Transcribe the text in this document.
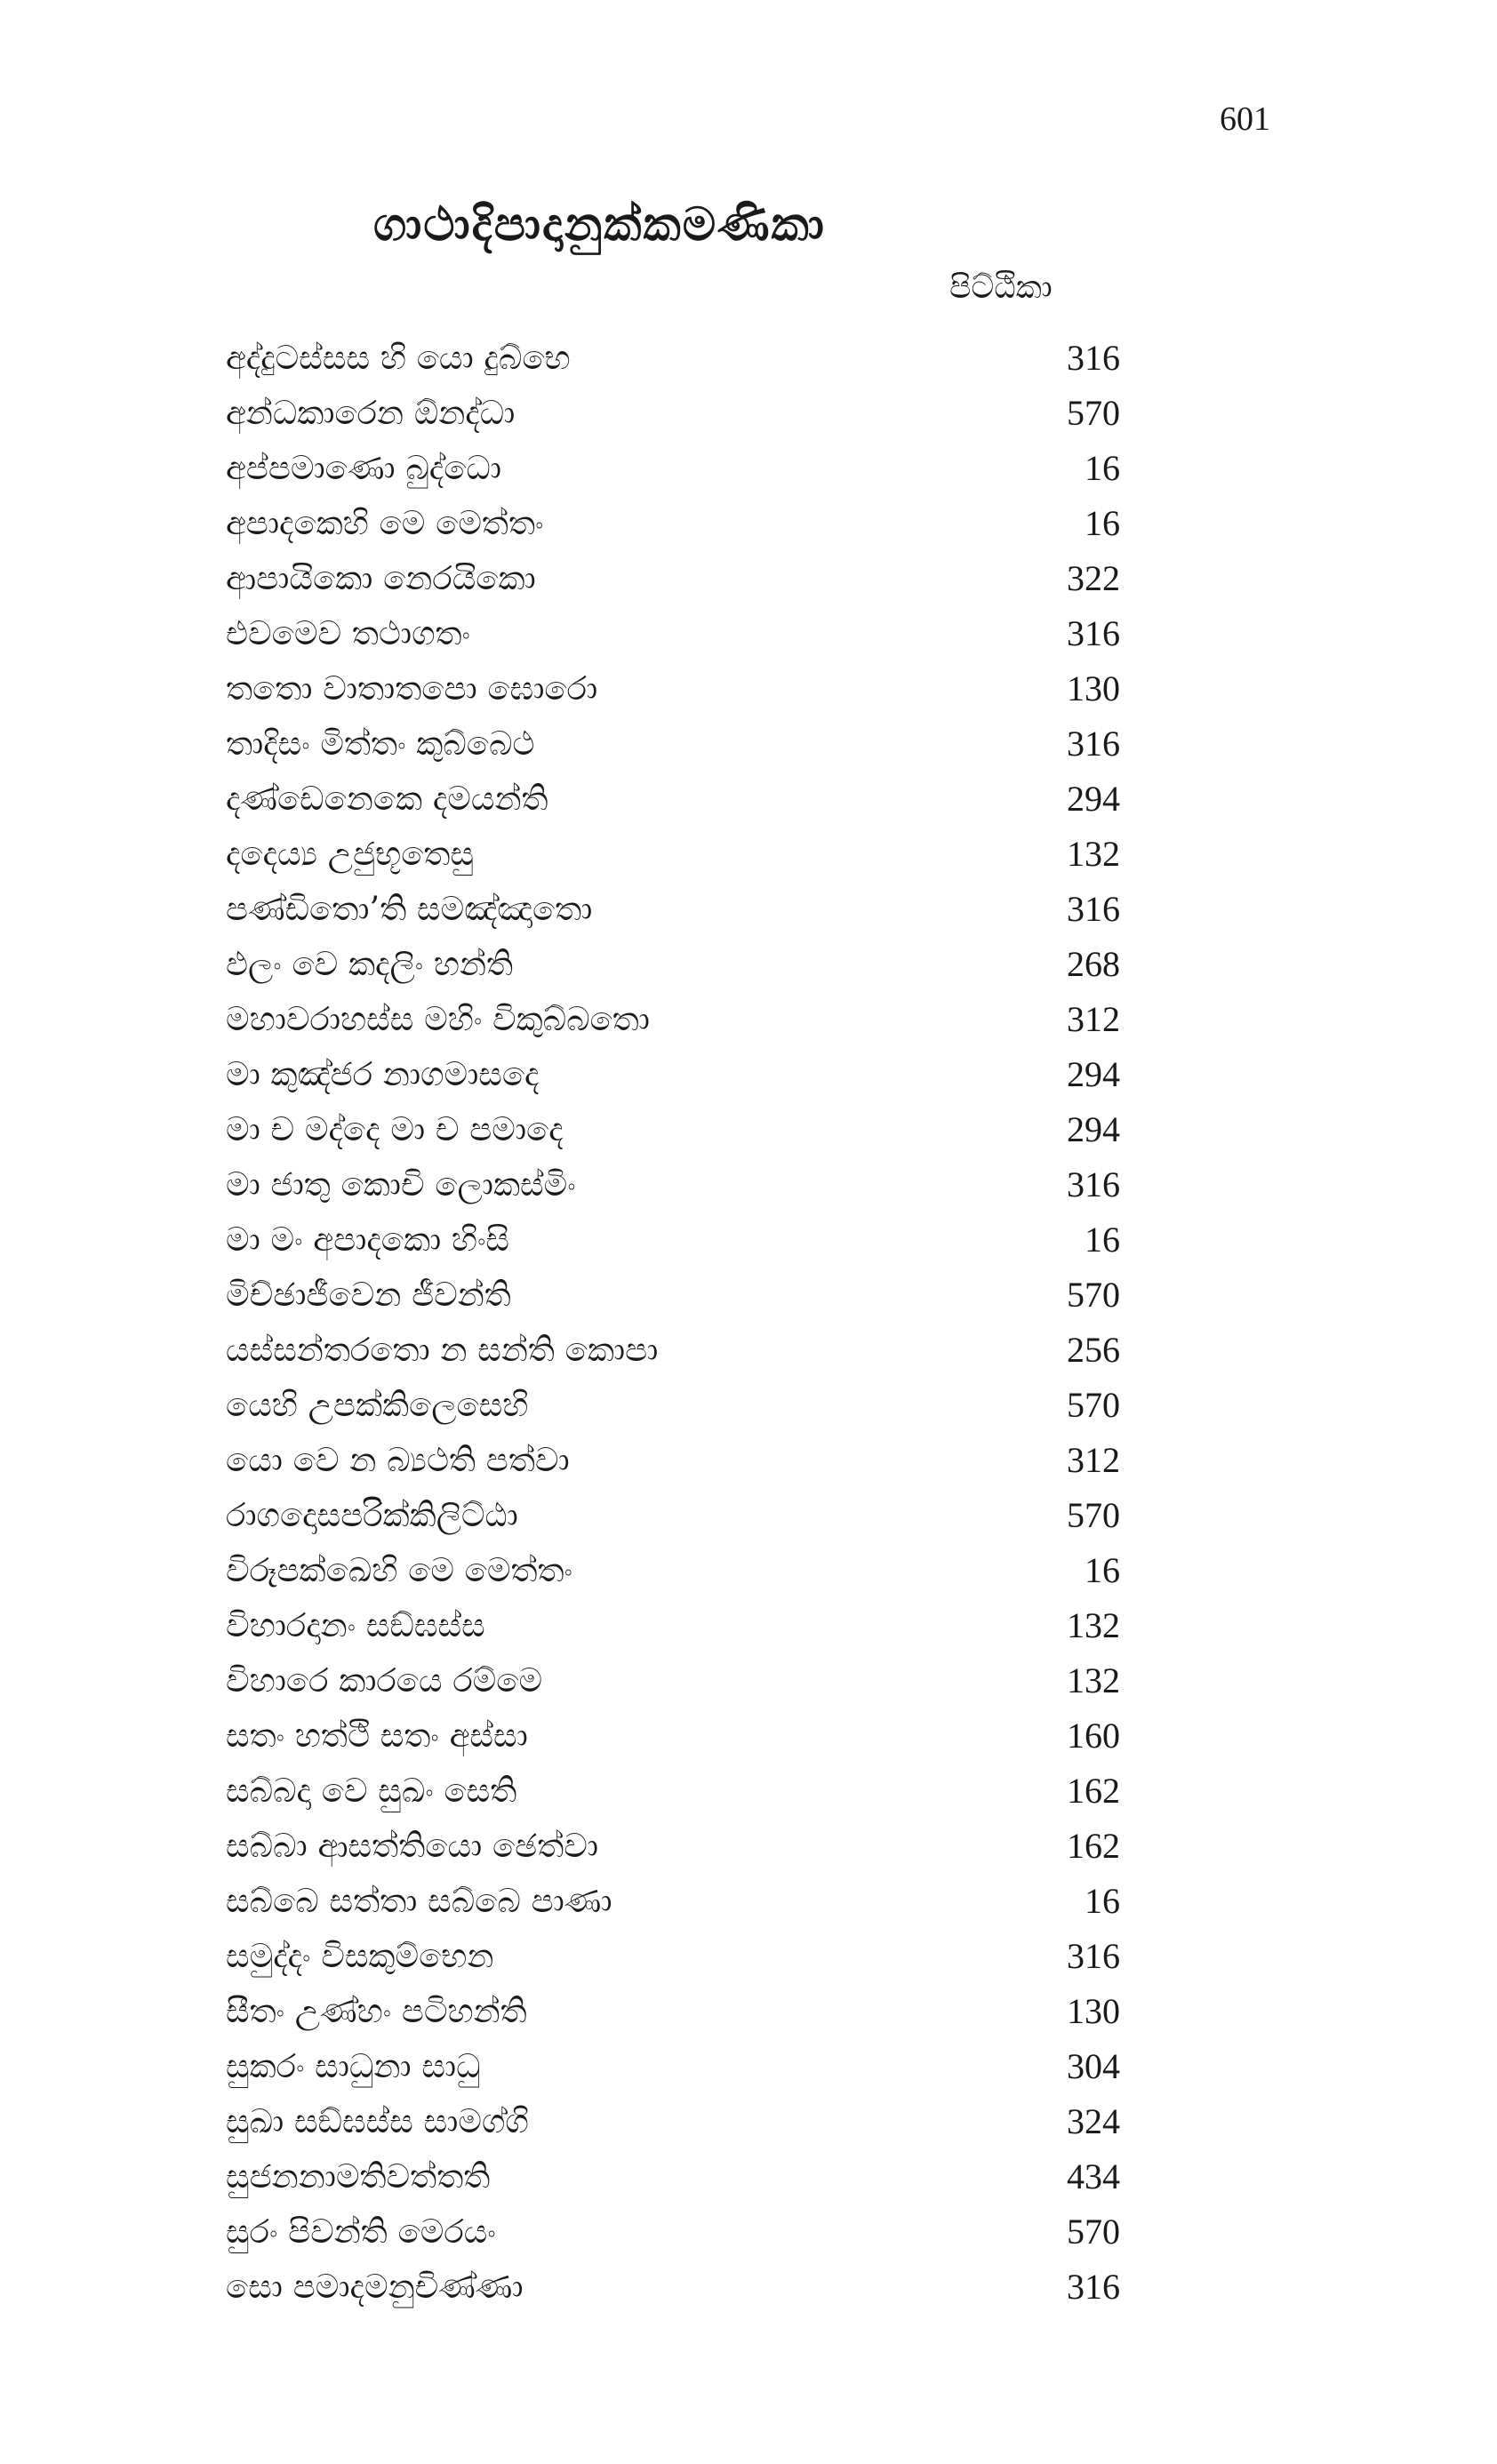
601
ගාථාදිපාදානුක්කමණිකා
පිට්ඨිකා
අද්දුටස්සස හි යො දුබ්භෙ	316
අන්ධකාරෙන ඕනද්ධා	570
අප්පමාණො බුද්ධො	16
අපාදකෙහි මෙ මෙත්තං	16
ආපායිකො නෙරයිකො	322
එවමෙව තථාගතං	316
තතො වාතාතපො ඝොරො	130
තාදිසං මිත්තං කුබ්බෙථ	316
දණ්ඩෙනෙකෙ දමයන්ති	294
දදෙය්‍ය උජුභූතෙසු	132
පණ්ඩිතො’ති සමඤ්ඤාතො	316
ඵලං වෙ කදලිං හන්ති	268
මහාවරාහස්ස මහිං විකුබ්බතො	312
මා කුඤ්ජර නාගමාසදෙ	294
මා ච මද්දෙ මා ච පමාදෙ	294
මා ජාතු කොචි ලොකස්මිං	316
මා මං අපාදකො හිංසි	16
මිච්ඡාජීවෙන ජීවන්ති	570
යස්සන්තරතො න සන්ති කොපා	256
යෙහි උපක්කිලෙසෙහි	570
යො වෙ න බ්‍යථති පත්වා	312
රාගදොසපරික්කිලිට්ඨා	570
විරූපක්ඛෙහි මෙ මෙත්තං	16
විහාරදානං සඞ්ඝස්ස	132
විහාරෙ කාරයෙ රම්මෙ	132
සතං හත්ථි සතං අස්සා	160
සබ්බදා වෙ සුඛං සෙති	162
සබ්බා ආසත්තියො ඡෙත්වා	162
සබ්බෙ සත්තා සබ්බෙ පාණා	16
සමුද්දං විසකුම්භෙන	316
සීතං උණ්හං පටිහන්ති	130
සුකරං සාධුනා සාධු	304
සුඛා සඞ්ඝස්ස සාමග්ගි	324
සුජනනාමතිවත්තති	434
සුරං පිවන්ති මෙරයං	570
සො පමාදමනුචිණ්ණා	316
